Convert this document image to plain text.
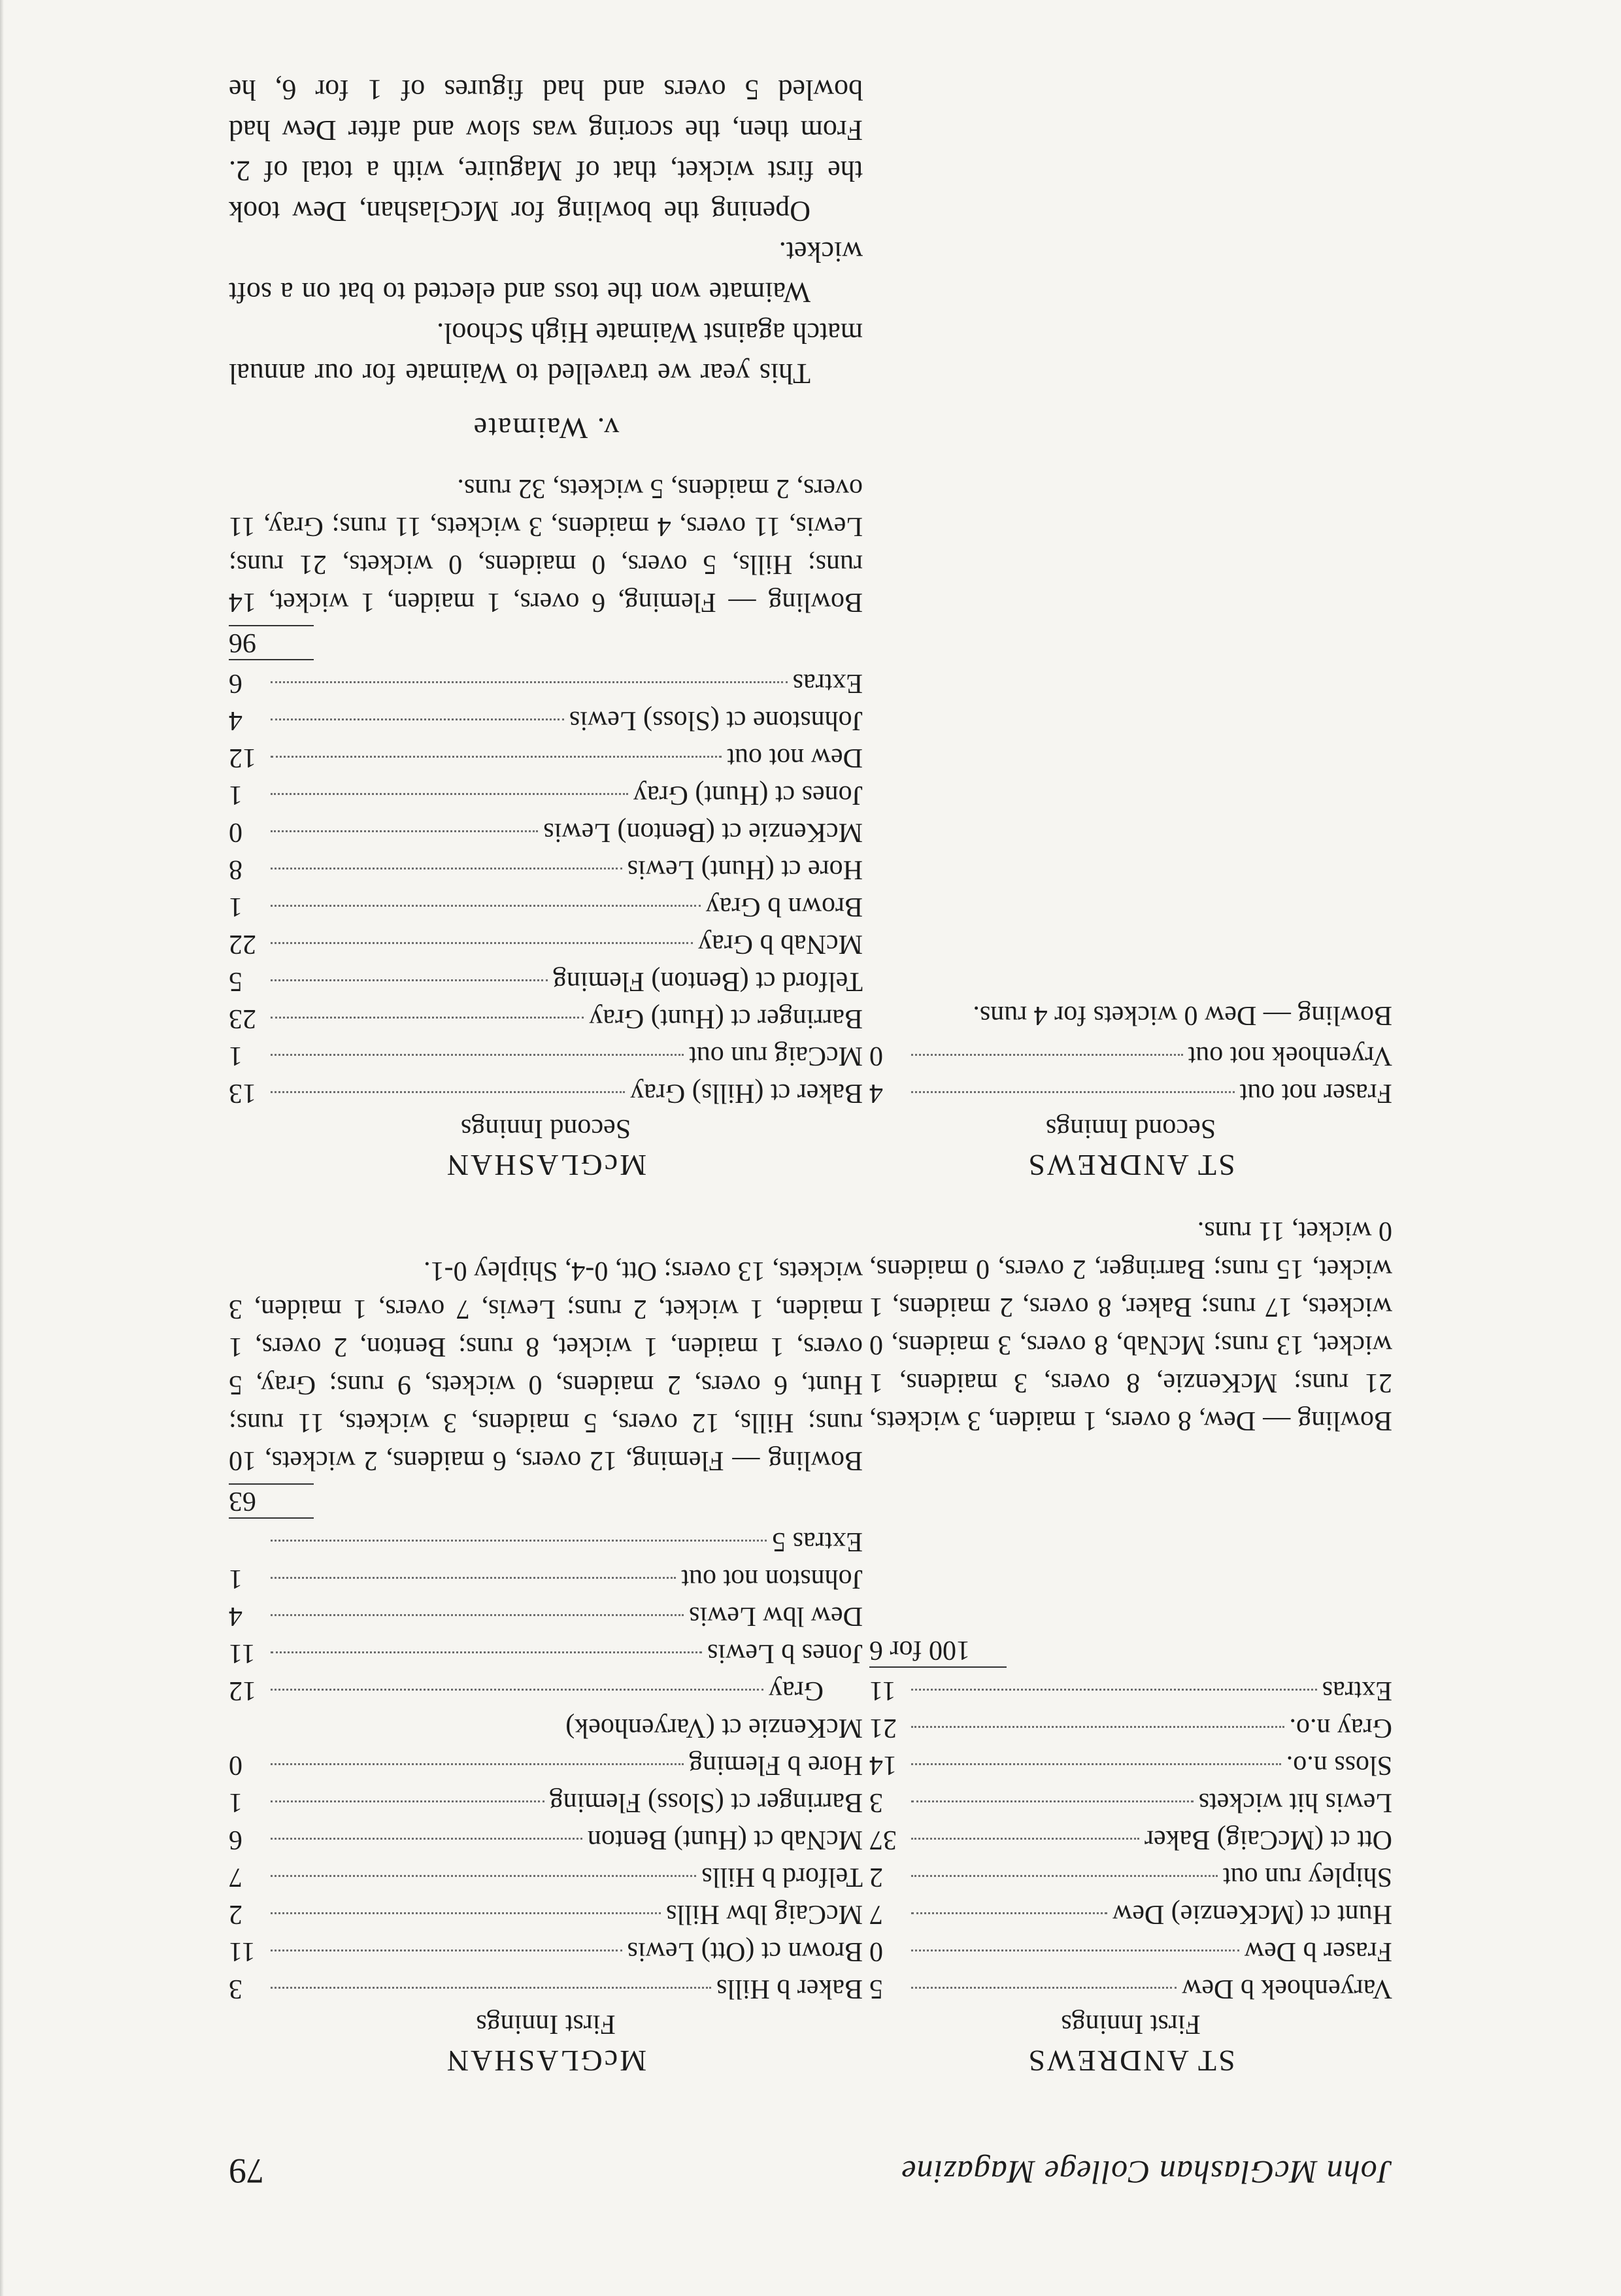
John McGlashan College Magazine
79
ST ANDREWS
First Innings
Varyenhoek b Dew
5
Fraser b Dew
0
Hunt ct (McKenzie) Dew
7
Shipley run out
2
Ott ct (McCaig) Baker
37
Lewis hit wickets
3
Sloss n.o.
14
Gray n.o.
21
Extras
11
100 for 6
Bowling — Dew, 8 overs, 1 maiden, 3 wickets, 21 runs; McKenzie, 8 overs, 3 maidens, 1 wicket, 13 runs; McNab, 8 overs, 3 maidens, 0 wickets, 17 runs; Baker, 8 overs, 2 maidens, 1 wicket, 15 runs; Barringer, 2 overs, 0 maidens, 0 wicket, 11 runs.
ST ANDREWS
Second Innings
Fraser not out
4
Vryenhoek not out
0
Bowling — Dew 0 wickets for 4 runs.
McGLASHAN
First Innings
Baker b Hills
3
Brown ct (Ott) Lewis
11
McCaig lbw Hills
2
Telford b Hills
7
McNab ct (Hunt) Benton
6
Barringer ct (Sloss) Fleming
1
Hore b Fleming
0
McKenzie ct (Varyenhoek)
Gray
12
Jones b Lewis
11
Dew lbw Lewis
4
Johnston not out
1
Extras 5
63
Bowling — Fleming, 12 overs, 6 maidens, 2 wickets, 10 runs; Hills, 12 overs, 5 maidens, 3 wickets, 11 runs; Hunt, 6 overs, 2 maidens, 0 wickets, 9 runs; Gray, 5 overs, 1 maiden, 1 wicket, 8 runs; Benton, 2 overs, 1 maiden, 1 wicket, 2 runs; Lewis, 7 overs, 1 maiden, 3 wickets, 13 overs; Ott, 0-4, Shipley 0-1.
McGLASHAN
Second Innings
Baker ct (Hills) Gray
13
McCaig run out
1
Barringer ct (Hunt) Gray
23
Telford ct (Benton) Fleming
5
McNab b Gray
22
Brown b Gray
1
Hore ct (Hunt) Lewis
8
McKenzie ct (Benton) Lewis
0
Jones ct (Hunt) Gray
1
Dew not out
12
Johnstone ct (Sloss) Lewis
4
Extras
6
96
Bowling — Fleming, 6 overs, 1 maiden, 1 wicket, 14 runs; Hills, 5 overs, 0 maidens, 0 wickets, 21 runs; Lewis, 11 overs, 4 maidens, 3 wickets, 11 runs; Gray, 11 overs, 2 maidens, 5 wickets, 32 runs.
v. Waimate

This year we travelled to Waimate for our annual match against Waimate High School.

Waimate won the toss and elected to bat on a soft wicket.

Opening the bowling for McGlashan, Dew took the first wicket, that of Maguire, with a total of 2. From then, the scoring was slow and after Dew had bowled 5 overs and had figures of 1 for 6, he
